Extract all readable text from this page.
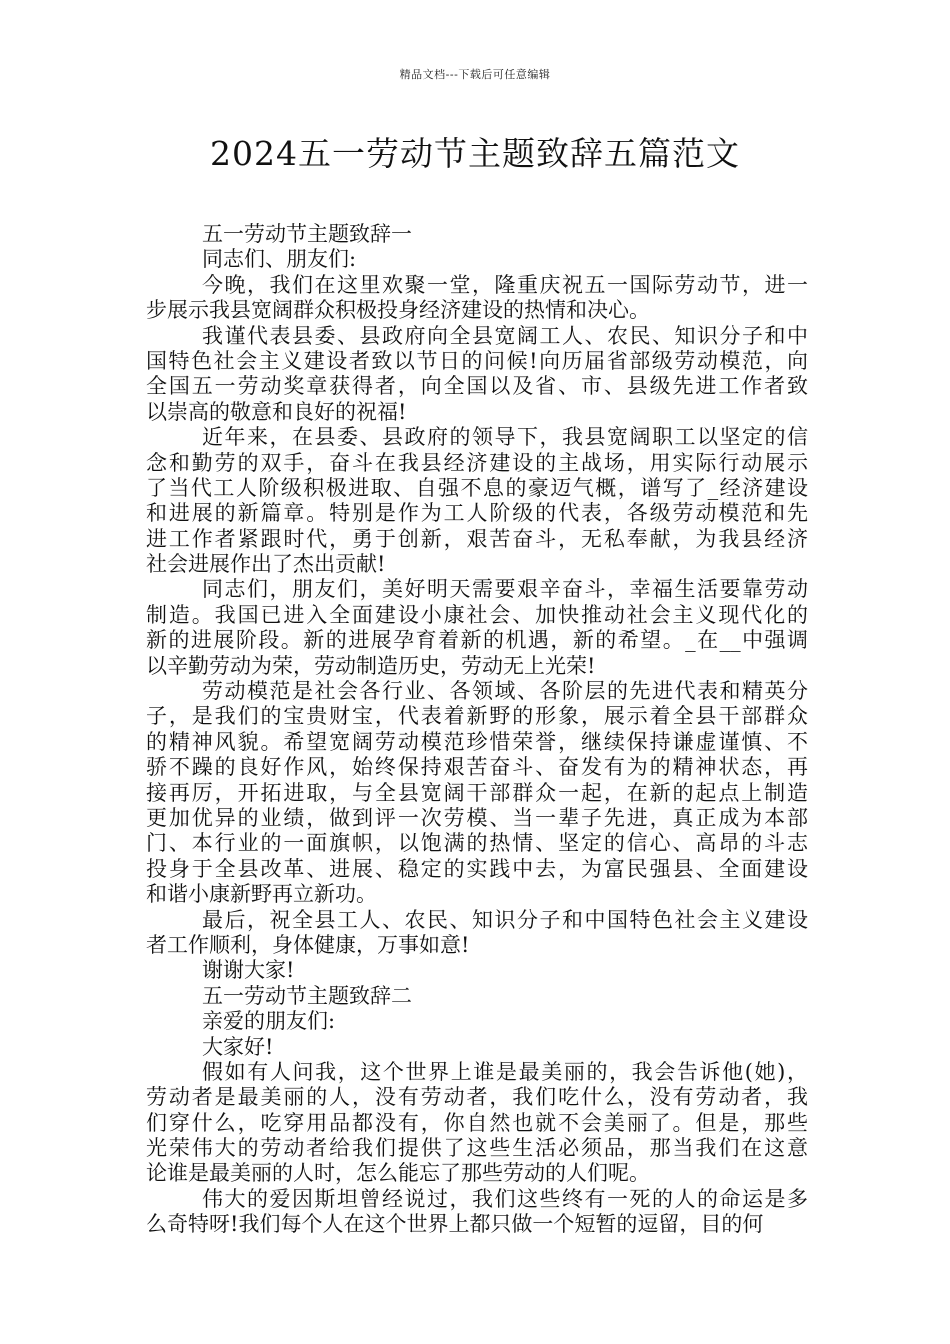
精品文档---下载后可任意编辑
2024五一劳动节主题致辞五篇范文
五一劳动节主题致辞一
同志们、朋友们:
今晚，我们在这里欢聚一堂，隆重庆祝五一国际劳动节，进一
步展示我县宽阔群众积极投身经济建设的热情和决心。
我谨代表县委、县政府向全县宽阔工人、农民、知识分子和中
国特色社会主义建设者致以节日的问候!向历届省部级劳动模范，向
全国五一劳动奖章获得者，向全国以及省、市、县级先进工作者致
以崇高的敬意和良好的祝福!
近年来，在县委、县政府的领导下，我县宽阔职工以坚定的信
念和勤劳的双手，奋斗在我县经济建设的主战场，用实际行动展示
了当代工人阶级积极进取、自强不息的豪迈气概，谱写了_经济建设
和进展的新篇章。特别是作为工人阶级的代表，各级劳动模范和先
进工作者紧跟时代，勇于创新，艰苦奋斗，无私奉献，为我县经济
社会进展作出了杰出贡献!
同志们，朋友们，美好明天需要艰辛奋斗，幸福生活要靠劳动
制造。我国已进入全面建设小康社会、加快推动社会主义现代化的
新的进展阶段。新的进展孕育着新的机遇，新的希望。_在__中强调
以辛勤劳动为荣，劳动制造历史，劳动无上光荣!
劳动模范是社会各行业、各领域、各阶层的先进代表和精英分
子，是我们的宝贵财宝，代表着新野的形象，展示着全县干部群众
的精神风貌。希望宽阔劳动模范珍惜荣誉，继续保持谦虚谨慎、不
骄不躁的良好作风，始终保持艰苦奋斗、奋发有为的精神状态，再
接再厉，开拓进取，与全县宽阔干部群众一起，在新的起点上制造
更加优异的业绩，做到评一次劳模、当一辈子先进，真正成为本部
门、本行业的一面旗帜，以饱满的热情、坚定的信心、高昂的斗志
投身于全县改革、进展、稳定的实践中去，为富民强县、全面建设
和谐小康新野再立新功。
最后，祝全县工人、农民、知识分子和中国特色社会主义建设
者工作顺利，身体健康，万事如意!
谢谢大家!
五一劳动节主题致辞二
亲爱的朋友们:
大家好!
假如有人问我，这个世界上谁是最美丽的，我会告诉他(她)，
劳动者是最美丽的人，没有劳动者，我们吃什么，没有劳动者，我
们穿什么，吃穿用品都没有，你自然也就不会美丽了。但是，那些
光荣伟大的劳动者给我们提供了这些生活必须品，那当我们在这意
论谁是最美丽的人时，怎么能忘了那些劳动的人们呢。
伟大的爱因斯坦曾经说过，我们这些终有一死的人的命运是多
么奇特呀!我们每个人在这个世界上都只做一个短暂的逗留，目的何
